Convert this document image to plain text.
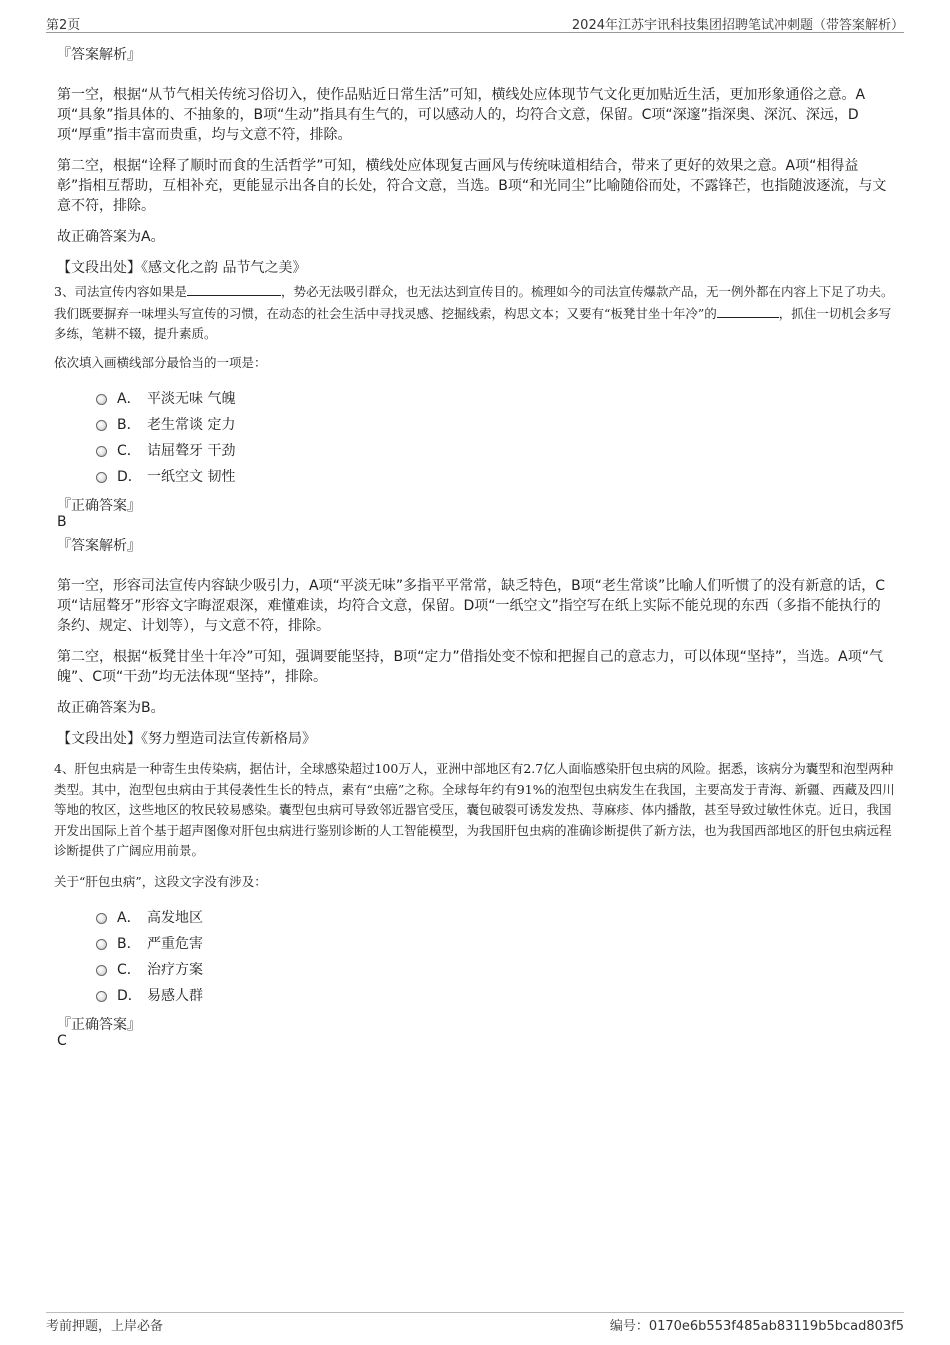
第2页	2024年江苏宇讯科技集团招聘笔试冲刺题（带答案解析）
『答案解析』

第一空，根据“从节气相关传统习俗切入，使作品贴近日常生活”可知，横线处应体现节气文化更加贴近生活，更加形象通俗之意。A项“具象”指具体的、不抽象的，B项“生动”指具有生气的，可以感动人的，均符合文意，保留。C项“深邃”指深奥、深沉、深远，D项“厚重”指丰富而贵重，均与文意不符，排除。

第二空，根据“诠释了顺时而食的生活哲学”可知，横线处应体现复古画风与传统味道相结合，带来了更好的效果之意。A项“相得益彰”指相互帮助，互相补充，更能显示出各自的长处，符合文意，当选。B项“和光同尘”比喻随俗而处，不露锋芒，也指随波逐流，与文意不符，排除。

故正确答案为A。

【文段出处】《感文化之韵 品节气之美》

3、司法宣传内容如果是	，势必无法吸引群众，也无法达到宣传目的。梳理如今的司法宣传爆款产品，无一例外都在内容上下足了功夫。我们既要摒弃一味埋头写宣传的习惯，在动态的社会生活中寻找灵感、挖掘线索，构思文本；又要有“板凳甘坐十年冷”的	，抓住一切机会多写多练，笔耕不辍，提升素质。
依次填入画横线部分最恰当的一项是：
A． 平淡无味 气魄
B． 老生常谈 定力
C． 诘屈聱牙 干劲
D． 一纸空文 韧性
『正确答案』
B
『答案解析』

第一空，形容司法宣传内容缺少吸引力，A项“平淡无味”多指平平常常，缺乏特色，B项“老生常谈”比喻人们听惯了的没有新意的话，C项“诘屈聱牙”形容文字晦涩艰深，难懂难读，均符合文意，保留。D项“一纸空文”指空写在纸上实际不能兑现的东西（多指不能执行的条约、规定、计划等），与文意不符，排除。

第二空，根据“板凳甘坐十年冷”可知，强调要能坚持，B项“定力”借指处变不惊和把握自己的意志力，可以体现“坚持”，当选。A项“气魄”、C项“干劲”均无法体现“坚持”，排除。

故正确答案为B。

【文段出处】《努力塑造司法宣传新格局》

4、肝包虫病是一种寄生虫传染病，据估计，全球感染超过100万人，亚洲中部地区有2.7亿人面临感染肝包虫病的风险。据悉，该病分为囊型和泡型两种类型。其中，泡型包虫病由于其侵袭性生长的特点，素有“虫癌”之称。全球每年约有91%的泡型包虫病发生在我国，主要高发于青海、新疆、西藏及四川等地的牧区，这些地区的牧民较易感染。囊型包虫病可导致邻近器官受压，囊包破裂可诱发发热、荨麻疹、体内播散，甚至导致过敏性休克。近日，我国开发出国际上首个基于超声图像对肝包虫病进行鉴别诊断的人工智能模型，为我国肝包虫病的准确诊断提供了新方法，也为我国西部地区的肝包虫病远程诊断提供了广阔应用前景。
关于“肝包虫病”，这段文字没有涉及：
A． 高发地区
B． 严重危害
C． 治疗方案
D． 易感人群
『正确答案』
C
考前押题，上岸必备	编号：0170e6b553f485ab83119b5bcad803f5
